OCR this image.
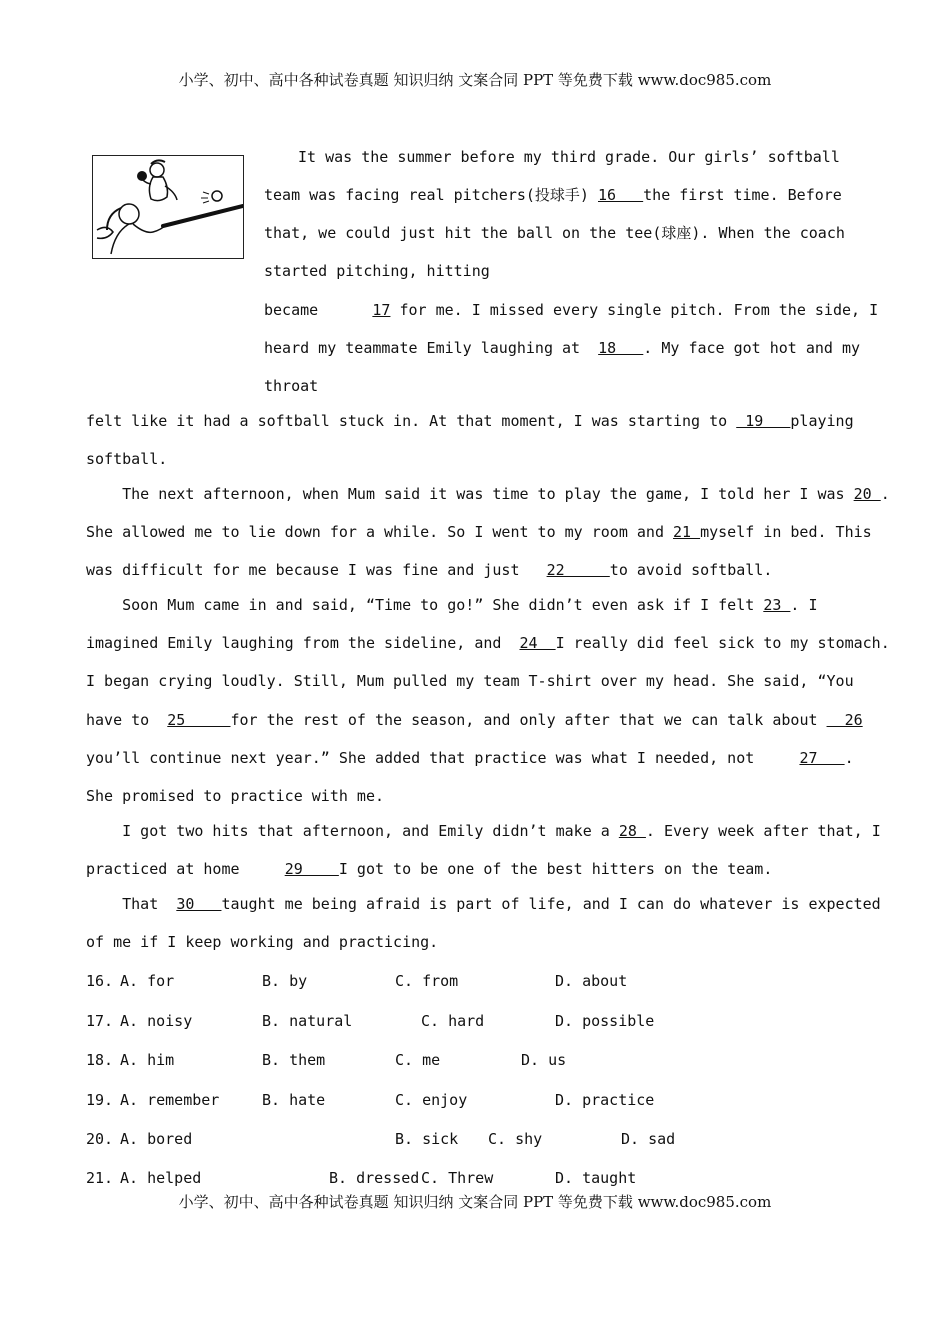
小学、初中、高中各种试卷真题 知识归纳 文案合同 PPT 等免费下载 www.doc985.com
It was the summer before my third grade. Our girls’ softball
team was facing real pitchers(投球手) 16   the first time. Before
that, we could just hit the ball on the tee(球座). When the coach
started pitching, hitting
became      17 for me. I missed every single pitch. From the side, I
heard my teammate Emily laughing at  18   . My face got hot and my
throat
felt like it had a softball stuck in. At that moment, I was starting to  19   playing
softball.
The next afternoon, when Mum said it was time to play the game, I told her I was 20 .
She allowed me to lie down for a while. So I went to my room and 21 myself in bed. This
was difficult for me because I was fine and just   22     to avoid softball.
Soon Mum came in and said, “Time to go!” She didn’t even ask if I felt 23 . I
imagined Emily laughing from the sideline, and  24  I really did feel sick to my stomach.
I began crying loudly. Still, Mum pulled my team T-shirt over my head. She said, “You
have to  25     for the rest of the season, and only after that we can talk about   26
you’ll continue next year.” She added that practice was what I needed, not     27   .
She promised to practice with me.
I got two hits that afternoon, and Emily didn’t make a 28 . Every week after that, I
practiced at home     29    I got to be one of the best hitters on the team.
That  30   taught me being afraid is part of life, and I can do whatever is expected
of me if I keep working and practicing.
16. A. for	B. by	C. from	D. about
17. A. noisy	B. natural	C. hard	D. possible
18. A. him	B. them	C. me	D. us
19. A. remember	B. hate	C. enjoy	D. practice
20. A. bored	B. sick C. shy	D. sad
21. A. helped	B. dressed C. Threw	D. taught
小学、初中、高中各种试卷真题 知识归纳 文案合同 PPT 等免费下载 www.doc985.com
